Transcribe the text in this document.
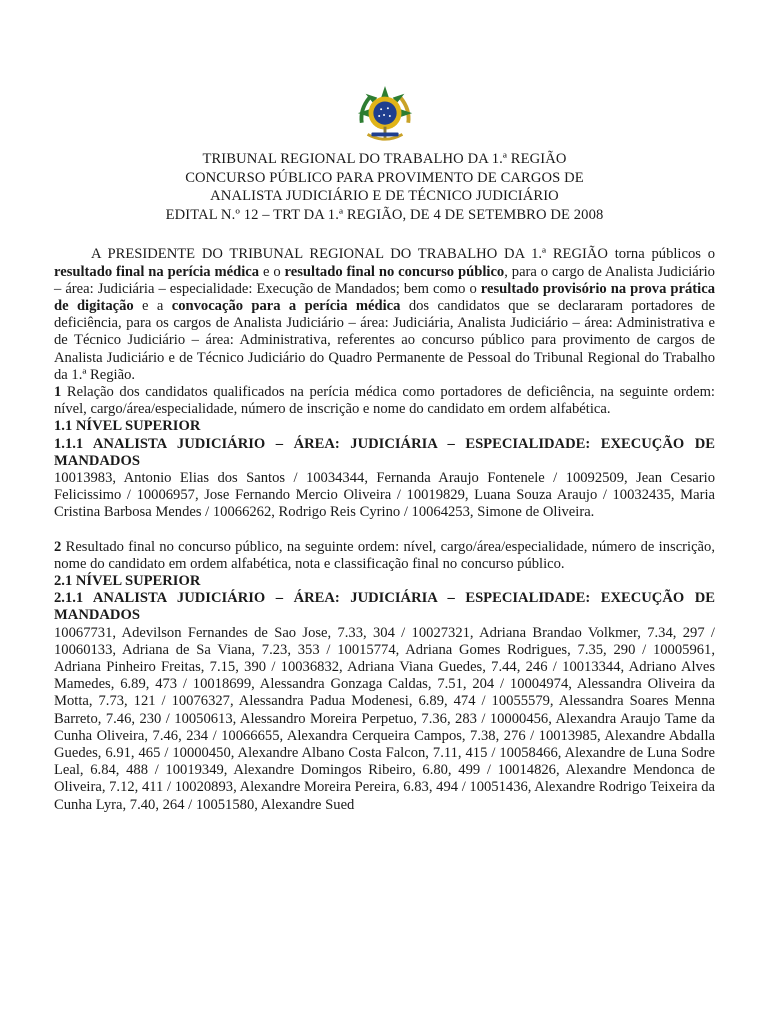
TRIBUNAL REGIONAL DO TRABALHO DA 1.ª REGIÃO
CONCURSO PÚBLICO PARA PROVIMENTO DE CARGOS DE
ANALISTA JUDICIÁRIO E DE TÉCNICO JUDICIÁRIO
EDITAL N.º 12 – TRT DA 1.ª REGIÃO, DE 4 DE SETEMBRO DE 2008

A PRESIDENTE DO TRIBUNAL REGIONAL DO TRABALHO DA 1.ª REGIÃO torna públicos o resultado final na perícia médica e o resultado final no concurso público, para o cargo de Analista Judiciário – área: Judiciária – especialidade: Execução de Mandados; bem como o resultado provisório na prova prática de digitação e a convocação para a perícia médica dos candidatos que se declararam portadores de deficiência, para os cargos de Analista Judiciário – área: Judiciária, Analista Judiciário – área: Administrativa e de Técnico Judiciário – área: Administrativa, referentes ao concurso público para provimento de cargos de Analista Judiciário e de Técnico Judiciário do Quadro Permanente de Pessoal do Tribunal Regional do Trabalho da 1.ª Região.

1 Relação dos candidatos qualificados na perícia médica como portadores de deficiência, na seguinte ordem: nível, cargo/área/especialidade, número de inscrição e nome do candidato em ordem alfabética.

1.1 NÍVEL SUPERIOR

1.1.1 ANALISTA JUDICIÁRIO – ÁREA: JUDICIÁRIA – ESPECIALIDADE: EXECUÇÃO DE MANDADOS

10013983, Antonio Elias dos Santos / 10034344, Fernanda Araujo Fontenele / 10092509, Jean Cesario Felicissimo / 10006957, Jose Fernando Mercio Oliveira / 10019829, Luana Souza Araujo / 10032435, Maria Cristina Barbosa Mendes / 10066262, Rodrigo Reis Cyrino / 10064253, Simone de Oliveira.

2 Resultado final no concurso público, na seguinte ordem: nível, cargo/área/especialidade, número de inscrição, nome do candidato em ordem alfabética, nota e classificação final no concurso público.

2.1 NÍVEL SUPERIOR

2.1.1 ANALISTA JUDICIÁRIO – ÁREA: JUDICIÁRIA – ESPECIALIDADE: EXECUÇÃO DE MANDADOS

10067731, Adevilson Fernandes de Sao Jose, 7.33, 304 / 10027321, Adriana Brandao Volkmer, 7.34, 297 / 10060133, Adriana de Sa Viana, 7.23, 353 / 10015774, Adriana Gomes Rodrigues, 7.35, 290 / 10005961, Adriana Pinheiro Freitas, 7.15, 390 / 10036832, Adriana Viana Guedes, 7.44, 246 / 10013344, Adriano Alves Mamedes, 6.89, 473 / 10018699, Alessandra Gonzaga Caldas, 7.51, 204 / 10004974, Alessandra Oliveira da Motta, 7.73, 121 / 10076327, Alessandra Padua Modenesi, 6.89, 474 / 10055579, Alessandra Soares Menna Barreto, 7.46, 230 / 10050613, Alessandro Moreira Perpetuo, 7.36, 283 / 10000456, Alexandra Araujo Tame da Cunha Oliveira, 7.46, 234 / 10066655, Alexandra Cerqueira Campos, 7.38, 276 / 10013985, Alexandre Abdalla Guedes, 6.91, 465 / 10000450, Alexandre Albano Costa Falcon, 7.11, 415 / 10058466, Alexandre de Luna Sodre Leal, 6.84, 488 / 10019349, Alexandre Domingos Ribeiro, 6.80, 499 / 10014826, Alexandre Mendonca de Oliveira, 7.12, 411 / 10020893, Alexandre Moreira Pereira, 6.83, 494 / 10051436, Alexandre Rodrigo Teixeira da Cunha Lyra, 7.40, 264 / 10051580, Alexandre Sued
